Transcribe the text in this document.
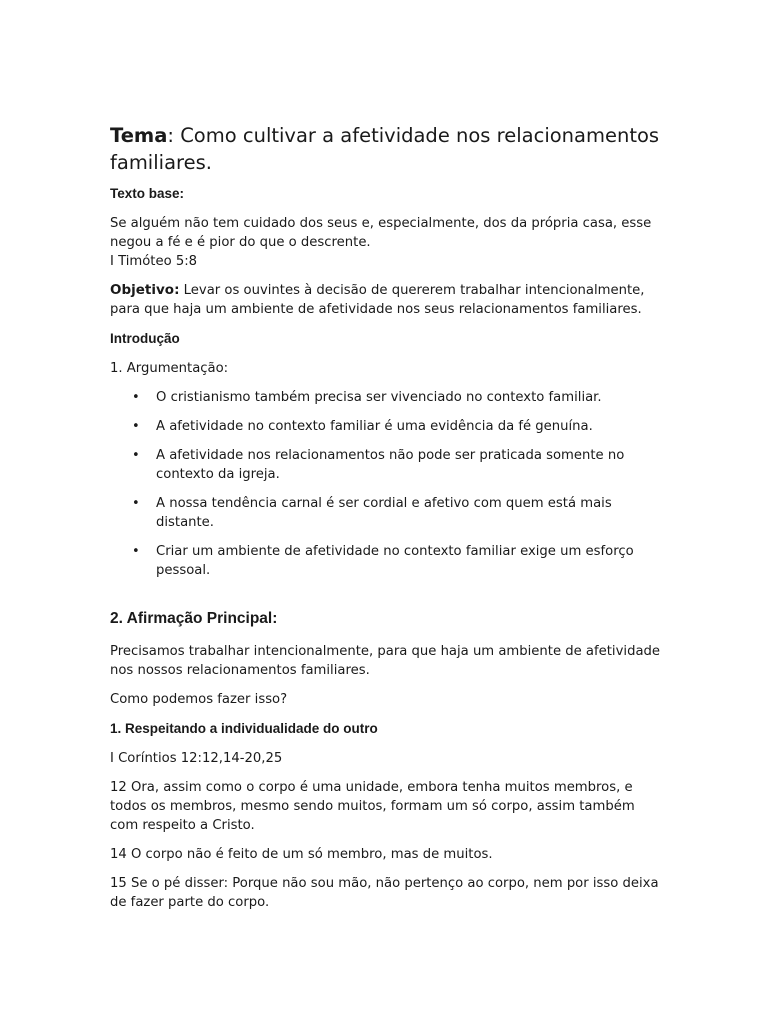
Tema: Como cultivar a afetividade nos relacionamentos familiares.
Texto base:

Se alguém não tem cuidado dos seus e, especialmente, dos da própria casa, esse negou a fé e é pior do que o descrente.

I Timóteo 5:8

Objetivo: Levar os ouvintes à decisão de quererem trabalhar intencionalmente, para que haja um ambiente de afetividade nos seus relacionamentos familiares.

Introdução

1. Argumentação:

• O cristianismo também precisa ser vivenciado no contexto familiar.
• A afetividade no contexto familiar é uma evidência da fé genuína.
• A afetividade nos relacionamentos não pode ser praticada somente no contexto da igreja.
• A nossa tendência carnal é ser cordial e afetivo com quem está mais distante.
• Criar um ambiente de afetividade no contexto familiar exige um esforço pessoal.
2. Afirmação Principal:

Precisamos trabalhar intencionalmente, para que haja um ambiente de afetividade nos nossos relacionamentos familiares.

Como podemos fazer isso?

1. Respeitando a individualidade do outro

I Coríntios 12:12,14-20,25

12 Ora, assim como o corpo é uma unidade, embora tenha muitos membros, e todos os membros, mesmo sendo muitos, formam um só corpo, assim também com respeito a Cristo.

14 O corpo não é feito de um só membro, mas de muitos.

15 Se o pé disser: Porque não sou mão, não pertenço ao corpo, nem por isso deixa de fazer parte do corpo.
